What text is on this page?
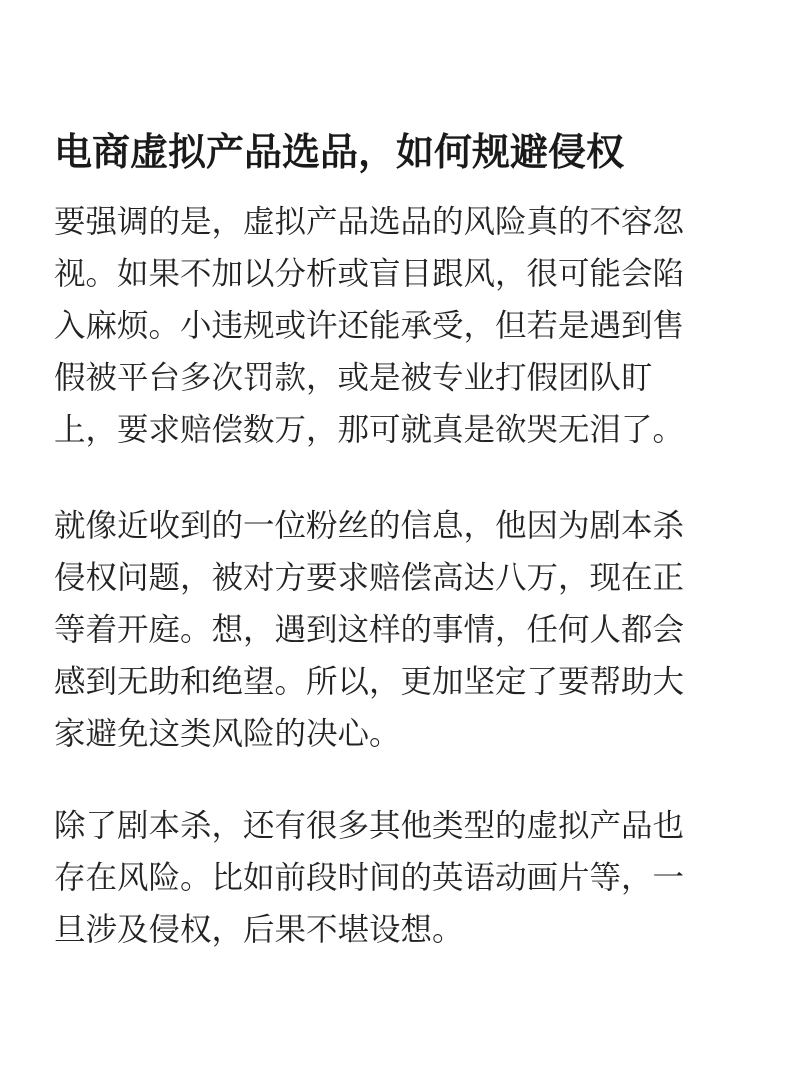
电商虚拟产品选品，如何规避侵权
要强调的是，虚拟产品选品的风险真的不容忽
视。如果不加以分析或盲目跟风，很可能会陷
入麻烦。小违规或许还能承受，但若是遇到售
假被平台多次罚款，或是被专业打假团队盯
上，要求赔偿数万，那可就真是欲哭无泪了。
就像近收到的一位粉丝的信息，他因为剧本杀
侵权问题，被对方要求赔偿高达八万，现在正
等着开庭。想，遇到这样的事情，任何人都会
感到无助和绝望。所以，更加坚定了要帮助大
家避免这类风险的决心。
除了剧本杀，还有很多其他类型的虚拟产品也
存在风险。比如前段时间的英语动画片等，一
旦涉及侵权，后果不堪设想。
